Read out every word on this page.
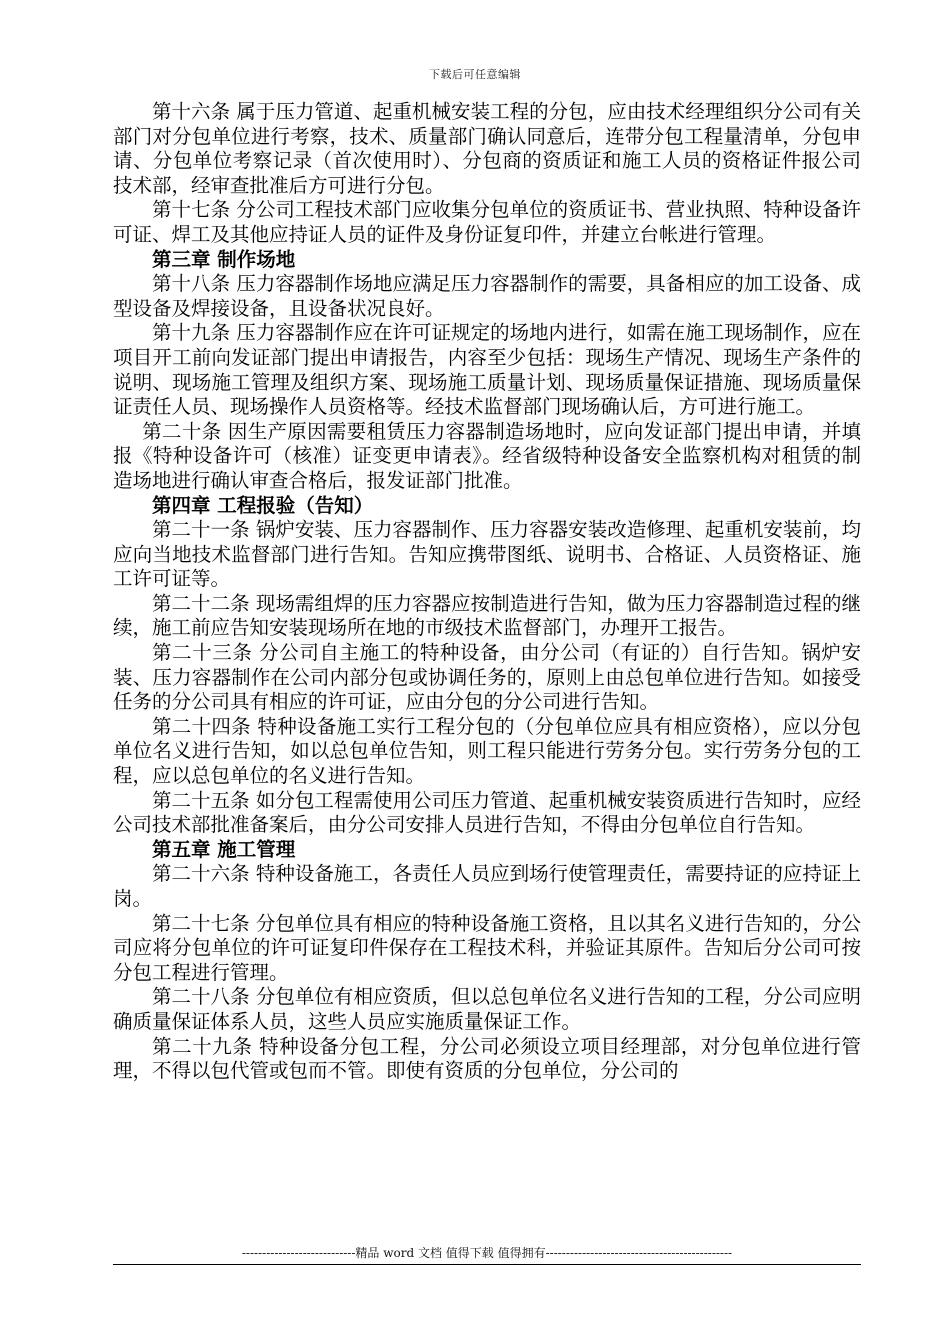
下载后可任意编辑

第十六条 属于压力管道、起重机械安装工程的分包，应由技术经理组织分公司有关部门对分包单位进行考察，技术、质量部门确认同意后，连带分包工程量清单，分包申请、分包单位考察记录（首次使用时）、分包商的资质证和施工人员的资格证件报公司技术部，经审查批准后方可进行分包。

第十七条 分公司工程技术部门应收集分包单位的资质证书、营业执照、特种设备许可证、焊工及其他应持证人员的证件及身份证复印件，并建立台帐进行管理。

第三章 制作场地

第十八条 压力容器制作场地应满足压力容器制作的需要，具备相应的加工设备、成型设备及焊接设备，且设备状况良好。

第十九条 压力容器制作应在许可证规定的场地内进行，如需在施工现场制作，应在项目开工前向发证部门提出申请报告，内容至少包括：现场生产情况、现场生产条件的说明、现场施工管理及组织方案、现场施工质量计划、现场质量保证措施、现场质量保证责任人员、现场操作人员资格等。经技术监督部门现场确认后，方可进行施工。

第二十条 因生产原因需要租赁压力容器制造场地时，应向发证部门提出申请，并填报《特种设备许可（核准）证变更申请表》。经省级特种设备安全监察机构对租赁的制造场地进行确认审查合格后，报发证部门批准。

第四章 工程报验（告知）

第二十一条 锅炉安装、压力容器制作、压力容器安装改造修理、起重机安装前，均应向当地技术监督部门进行告知。告知应携带图纸、说明书、合格证、人员资格证、施工许可证等。

第二十二条 现场需组焊的压力容器应按制造进行告知，做为压力容器制造过程的继续，施工前应告知安装现场所在地的市级技术监督部门，办理开工报告。

第二十三条 分公司自主施工的特种设备，由分公司（有证的）自行告知。锅炉安装、压力容器制作在公司内部分包或协调任务的，原则上由总包单位进行告知。如接受任务的分公司具有相应的许可证，应由分包的分公司进行告知。

第二十四条 特种设备施工实行工程分包的（分包单位应具有相应资格），应以分包单位名义进行告知，如以总包单位告知，则工程只能进行劳务分包。实行劳务分包的工程，应以总包单位的名义进行告知。

第二十五条 如分包工程需使用公司压力管道、起重机械安装资质进行告知时，应经公司技术部批准备案后，由分公司安排人员进行告知，不得由分包单位自行告知。

第五章 施工管理

第二十六条 特种设备施工，各责任人员应到场行使管理责任，需要持证的应持证上岗。

第二十七条 分包单位具有相应的特种设备施工资格，且以其名义进行告知的，分公司应将分包单位的许可证复印件保存在工程技术科，并验证其原件。告知后分公司可按分包工程进行管理。

第二十八条 分包单位有相应资质，但以总包单位名义进行告知的工程，分公司应明确质量保证体系人员，这些人员应实施质量保证工作。

第二十九条 特种设备分包工程，分公司必须设立项目经理部，对分包单位进行管理，不得以包代管或包而不管。即使有资质的分包单位，分公司的

----------------------------精品 word 文档 值得下载 值得拥有----------------------------------------------
